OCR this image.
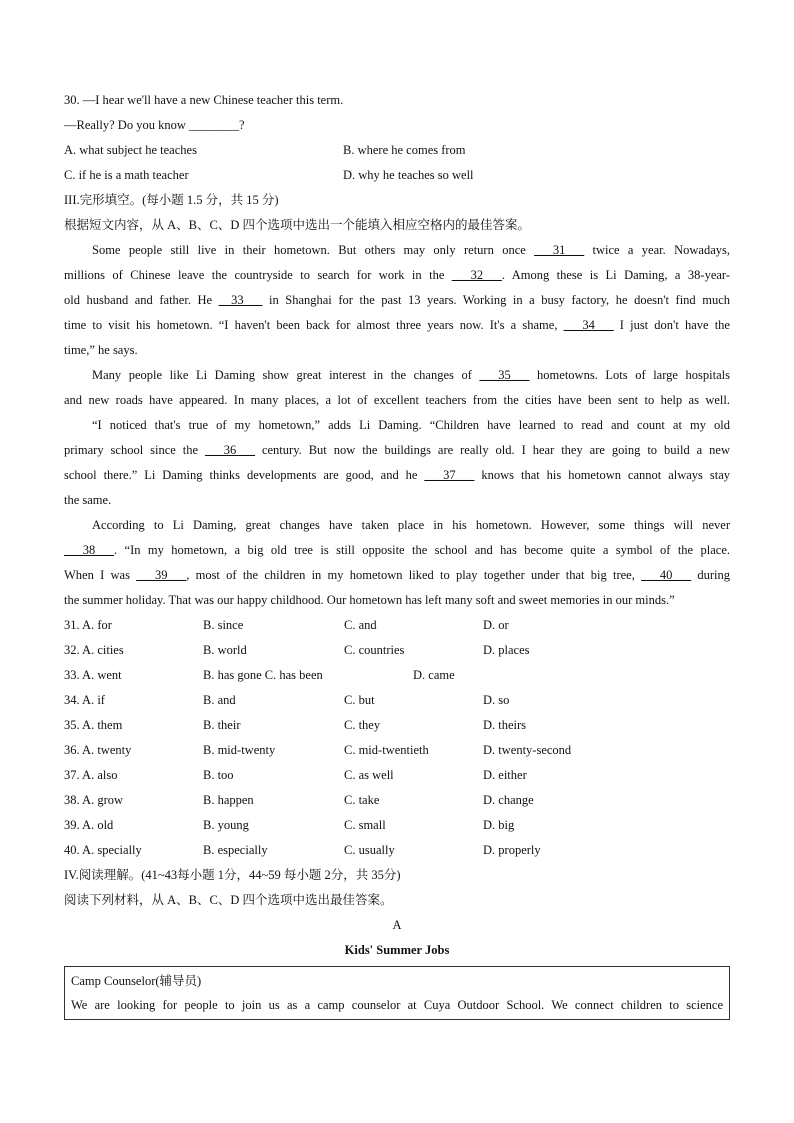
30. —I hear we'll have a new Chinese teacher this term.
—Really? Do you know ________?
A. what subject he teaches	B. where he comes from
C. if he is a math teacher	D. why he teaches so well
III.完形填空。(每小题 1.5 分，共 15 分)
根据短文内容，从 A、B、C、D 四个选项中选出一个能填入相应空格内的最佳答案。
Some people still live in their hometown. But others may only return once ___31___ twice a year. Nowadays,
millions of Chinese leave the countryside to search for work in the ___32___. Among these is Li Daming, a 38-year-
old husband and father. He __33___ in Shanghai for the past 13 years. Working in a busy factory, he doesn't find much
time to visit his hometown. “I haven't been back for almost three years now. It's a shame, ___34___ I just don't have the
time,” he says.
Many people like Li Daming show great interest in the changes of ___35___ hometowns. Lots of large hospitals
and new roads have appeared. In many places, a lot of excellent teachers from the cities have been sent to help as well.
“I noticed that's true of my hometown,” adds Li Daming. “Children have learned to read and count at my old
primary school since the ___36___ century. But now the buildings are really old. I hear they are going to build a new
school there.” Li Daming thinks developments are good, and he ___37___ knows that his hometown cannot always stay
the same.
According to Li Daming, great changes have taken place in his hometown. However, some things will never
___38___. “In my hometown, a big old tree is still opposite the school and has become quite a symbol of the place.
When I was ___39___, most of the children in my hometown liked to play together under that big tree, ___40___ during
the summer holiday. That was our happy childhood. Our hometown has left many soft and sweet memories in our minds.”
31. A. for	B. since	C. and	D. or
32. A. cities	B. world	C. countries	D. places
33. A. went	B. has gone C. has been	D. came
34. A. if	B. and	C. but	D. so
35. A. them	B. their	C. they	D. theirs
36. A. twenty	B. mid-twenty	C. mid-twentieth	D. twenty-second
37. A. also	B. too	C. as well	D. either
38. A. grow	B. happen	C. take	D. change
39. A. old	B. young	C. small	D. big
40. A. specially	B. especially	C. usually	D. properly
IV.阅读理解。(41~43每小题 1分，44~59 每小题 2分，共 35分)
阅读下列材料，从 A、B、C、D 四个选项中选出最佳答案。
A
Kids' Summer Jobs
Camp Counselor(辅导员)
We are looking for people to join us as a camp counselor at Cuya Outdoor School. We connect children to science
